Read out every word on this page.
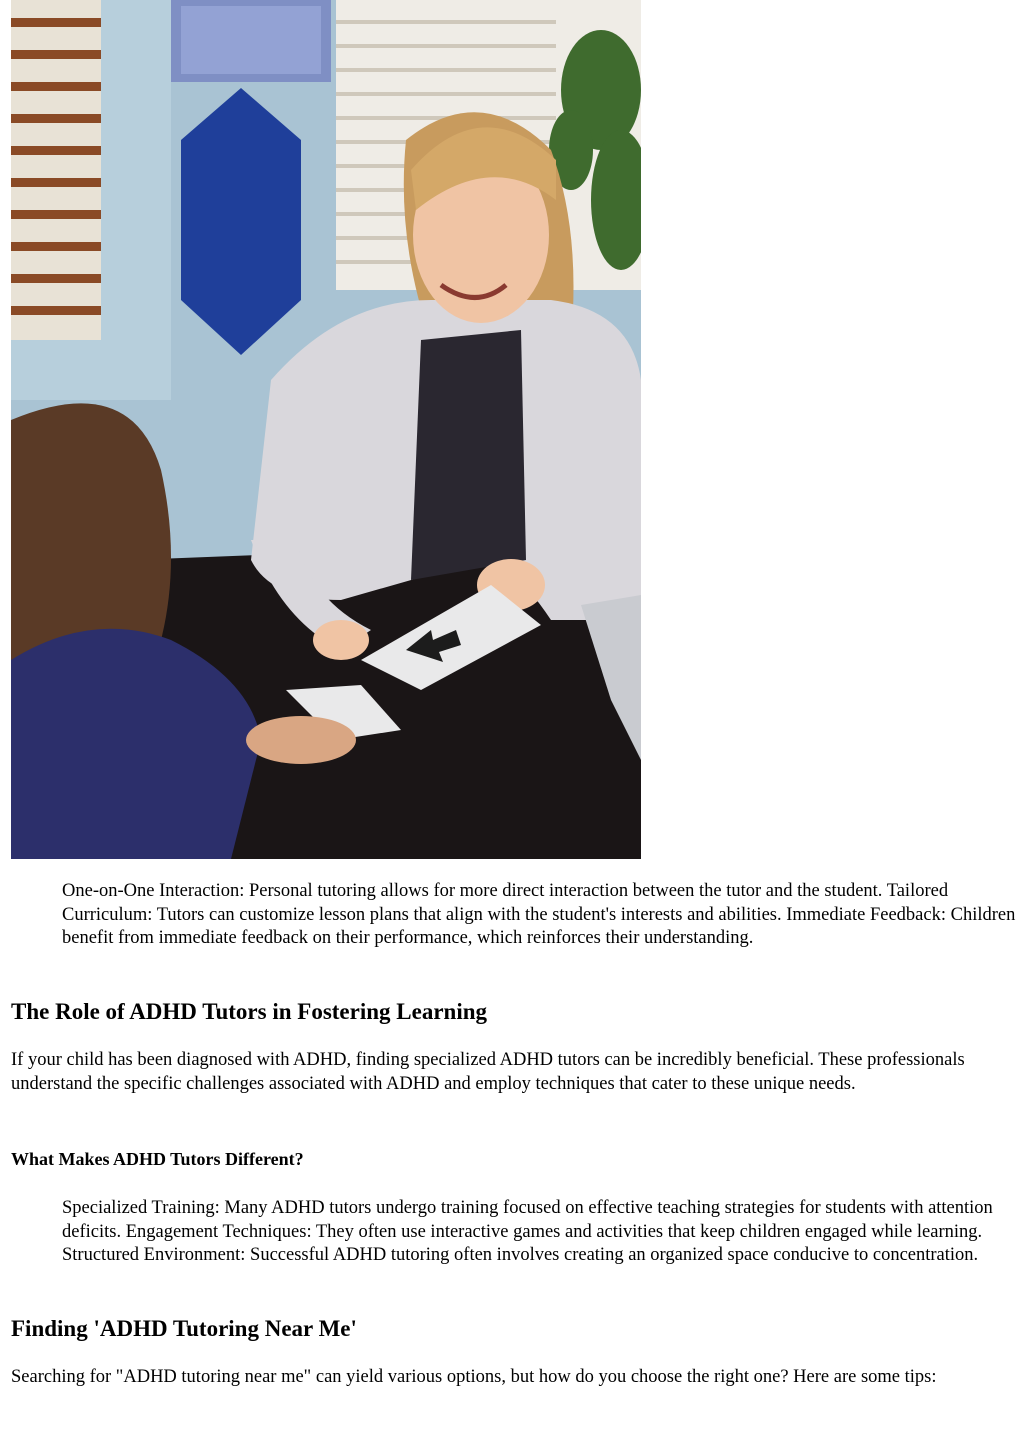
One-on-One Interaction: Personal tutoring allows for more direct interaction between the tutor and the student. Tailored Curriculum: Tutors can customize lesson plans that align with the student's interests and abilities. Immediate Feedback: Children benefit from immediate feedback on their performance, which reinforces their understanding.

The Role of ADHD Tutors in Fostering Learning

If your child has been diagnosed with ADHD, finding specialized ADHD tutors can be incredibly beneficial. These professionals understand the specific challenges associated with ADHD and employ techniques that cater to these unique needs.

What Makes ADHD Tutors Different?

Specialized Training: Many ADHD tutors undergo training focused on effective teaching strategies for students with attention deficits. Engagement Techniques: They often use interactive games and activities that keep children engaged while learning. Structured Environment: Successful ADHD tutoring often involves creating an organized space conducive to concentration.

Finding 'ADHD Tutoring Near Me'

Searching for "ADHD tutoring near me" can yield various options, but how do you choose the right one? Here are some tips:
